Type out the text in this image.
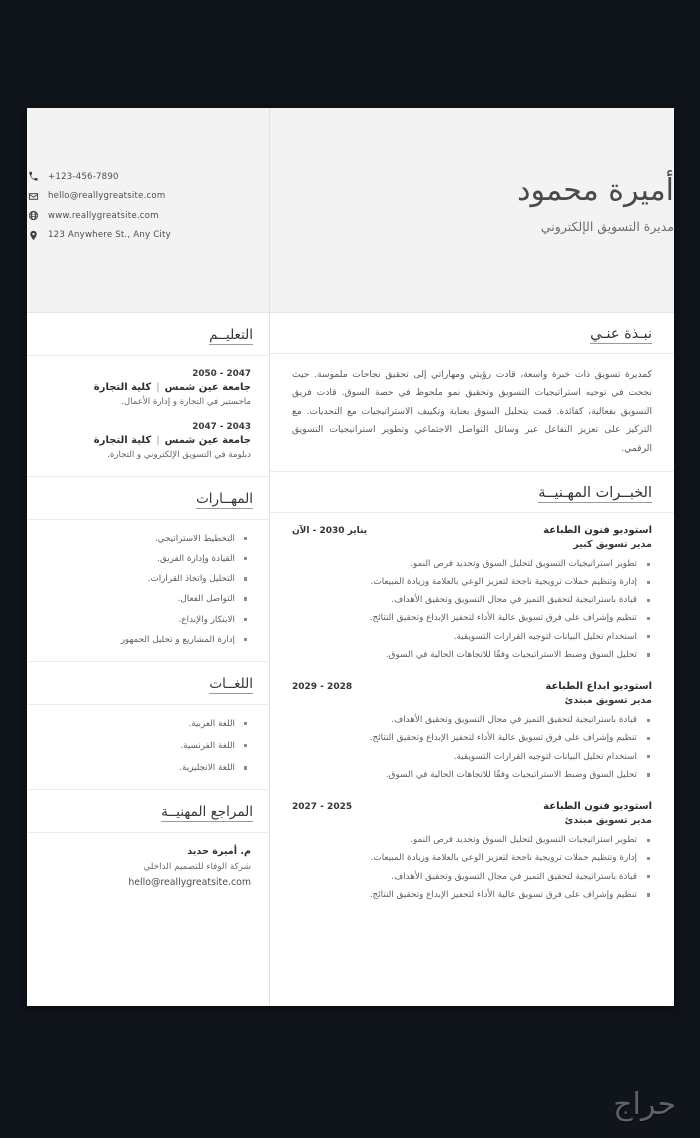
أميرة محمود
مديرة التسويق الإلكتروني
+123-456-7890
hello@reallygreatsite.com
www.reallygreatsite.com
123 Anywhere St., Any City
نبـذة عنـي

كمديرة تسويق ذات خبرة واسعة، قادت رؤيتي ومهاراتي إلى تحقيق نجاحات ملموسة. حيث نجحت في توجيه استراتيجيات التسويق وتحقيق نمو ملحوظ في حصة السوق. قادت فريق التسويق بفعالية، كقائدة. قمت بتحليل السوق بعناية وتكييف الاستراتيجيات مع التحديات. مع التركيز على تعزيز التفاعل عبر وسائل التواصل الاجتماعي وتطوير استراتيجيات التسويق الرقمي.

الخبــرات المهـنيــة
استوديو فنون الطباعة
مدير تسويق كبير
يناير 2030 - الآن
تطوير استراتيجيات التسويق لتحليل السوق وتحديد فرص النمو.
إدارة وتنظيم حملات ترويجية ناجحة لتعزيز الوعي بالعلامة وزيادة المبيعات.
قيادة باستراتيجية لتحقيق التميز في مجال التسويق وتحقيق الأهداف.
تنظيم وإشراف على فرق تسويق عالية الأداء لتحفيز الإبداع وتحقيق النتائج.
استخدام تحليل البيانات لتوجيه القرارات التسويقية.
تحليل السوق وضبط الاستراتيجيات وفقًا للاتجاهات الحالية في السوق.
استوديو ابداع الطباعة
مدير تسويق مبتدئ
2029 - 2028
قيادة باستراتيجية لتحقيق التميز في مجال التسويق وتحقيق الأهداف.
تنظيم وإشراف على فرق تسويق عالية الأداء لتحفيز الإبداع وتحقيق النتائج.
استخدام تحليل البيانات لتوجيه القرارات التسويقية.
تحليل السوق وضبط الاستراتيجيات وفقًا للاتجاهات الحالية في السوق.
استوديو فنون الطباعة
مدير تسويق مبتدئ
2027 - 2025
تطوير استراتيجيات التسويق لتحليل السوق وتحديد فرص النمو.
إدارة وتنظيم حملات ترويجية ناجحة لتعزيز الوعي بالعلامة وزيادة المبيعات.
قيادة باستراتيجية لتحقيق التميز في مجال التسويق وتحقيق الأهداف.
تنظيم وإشراف على فرق تسويق عالية الأداء لتحفيز الإبداع وتحقيق النتائج.
التعليــم
2050 - 2047
جامعة عين شمس|كلية التجارة
ماجستير في التجارة و إدارة الأعمال.
2047 - 2043
جامعة عين شمس|كلية التجارة
دبلومة في التسويق الإلكتروني و التجارة.
المهــارات
التخطيط الاستراتيجي.
القيادة وإدارة الفريق.
التحليل واتخاذ القرارات.
التواصل الفعال.
الابتكار والإبداع.
إدارة المشاريع و تحليل الجمهور
اللغــات
اللغة العربية.
اللغة الفرنسية.
اللغة الانجليزية.
المراجع المهنيــة
م. أميرة حديد
شركة الوفاء للتصميم الداخلي
hello@reallygreatsite.com
حراج
